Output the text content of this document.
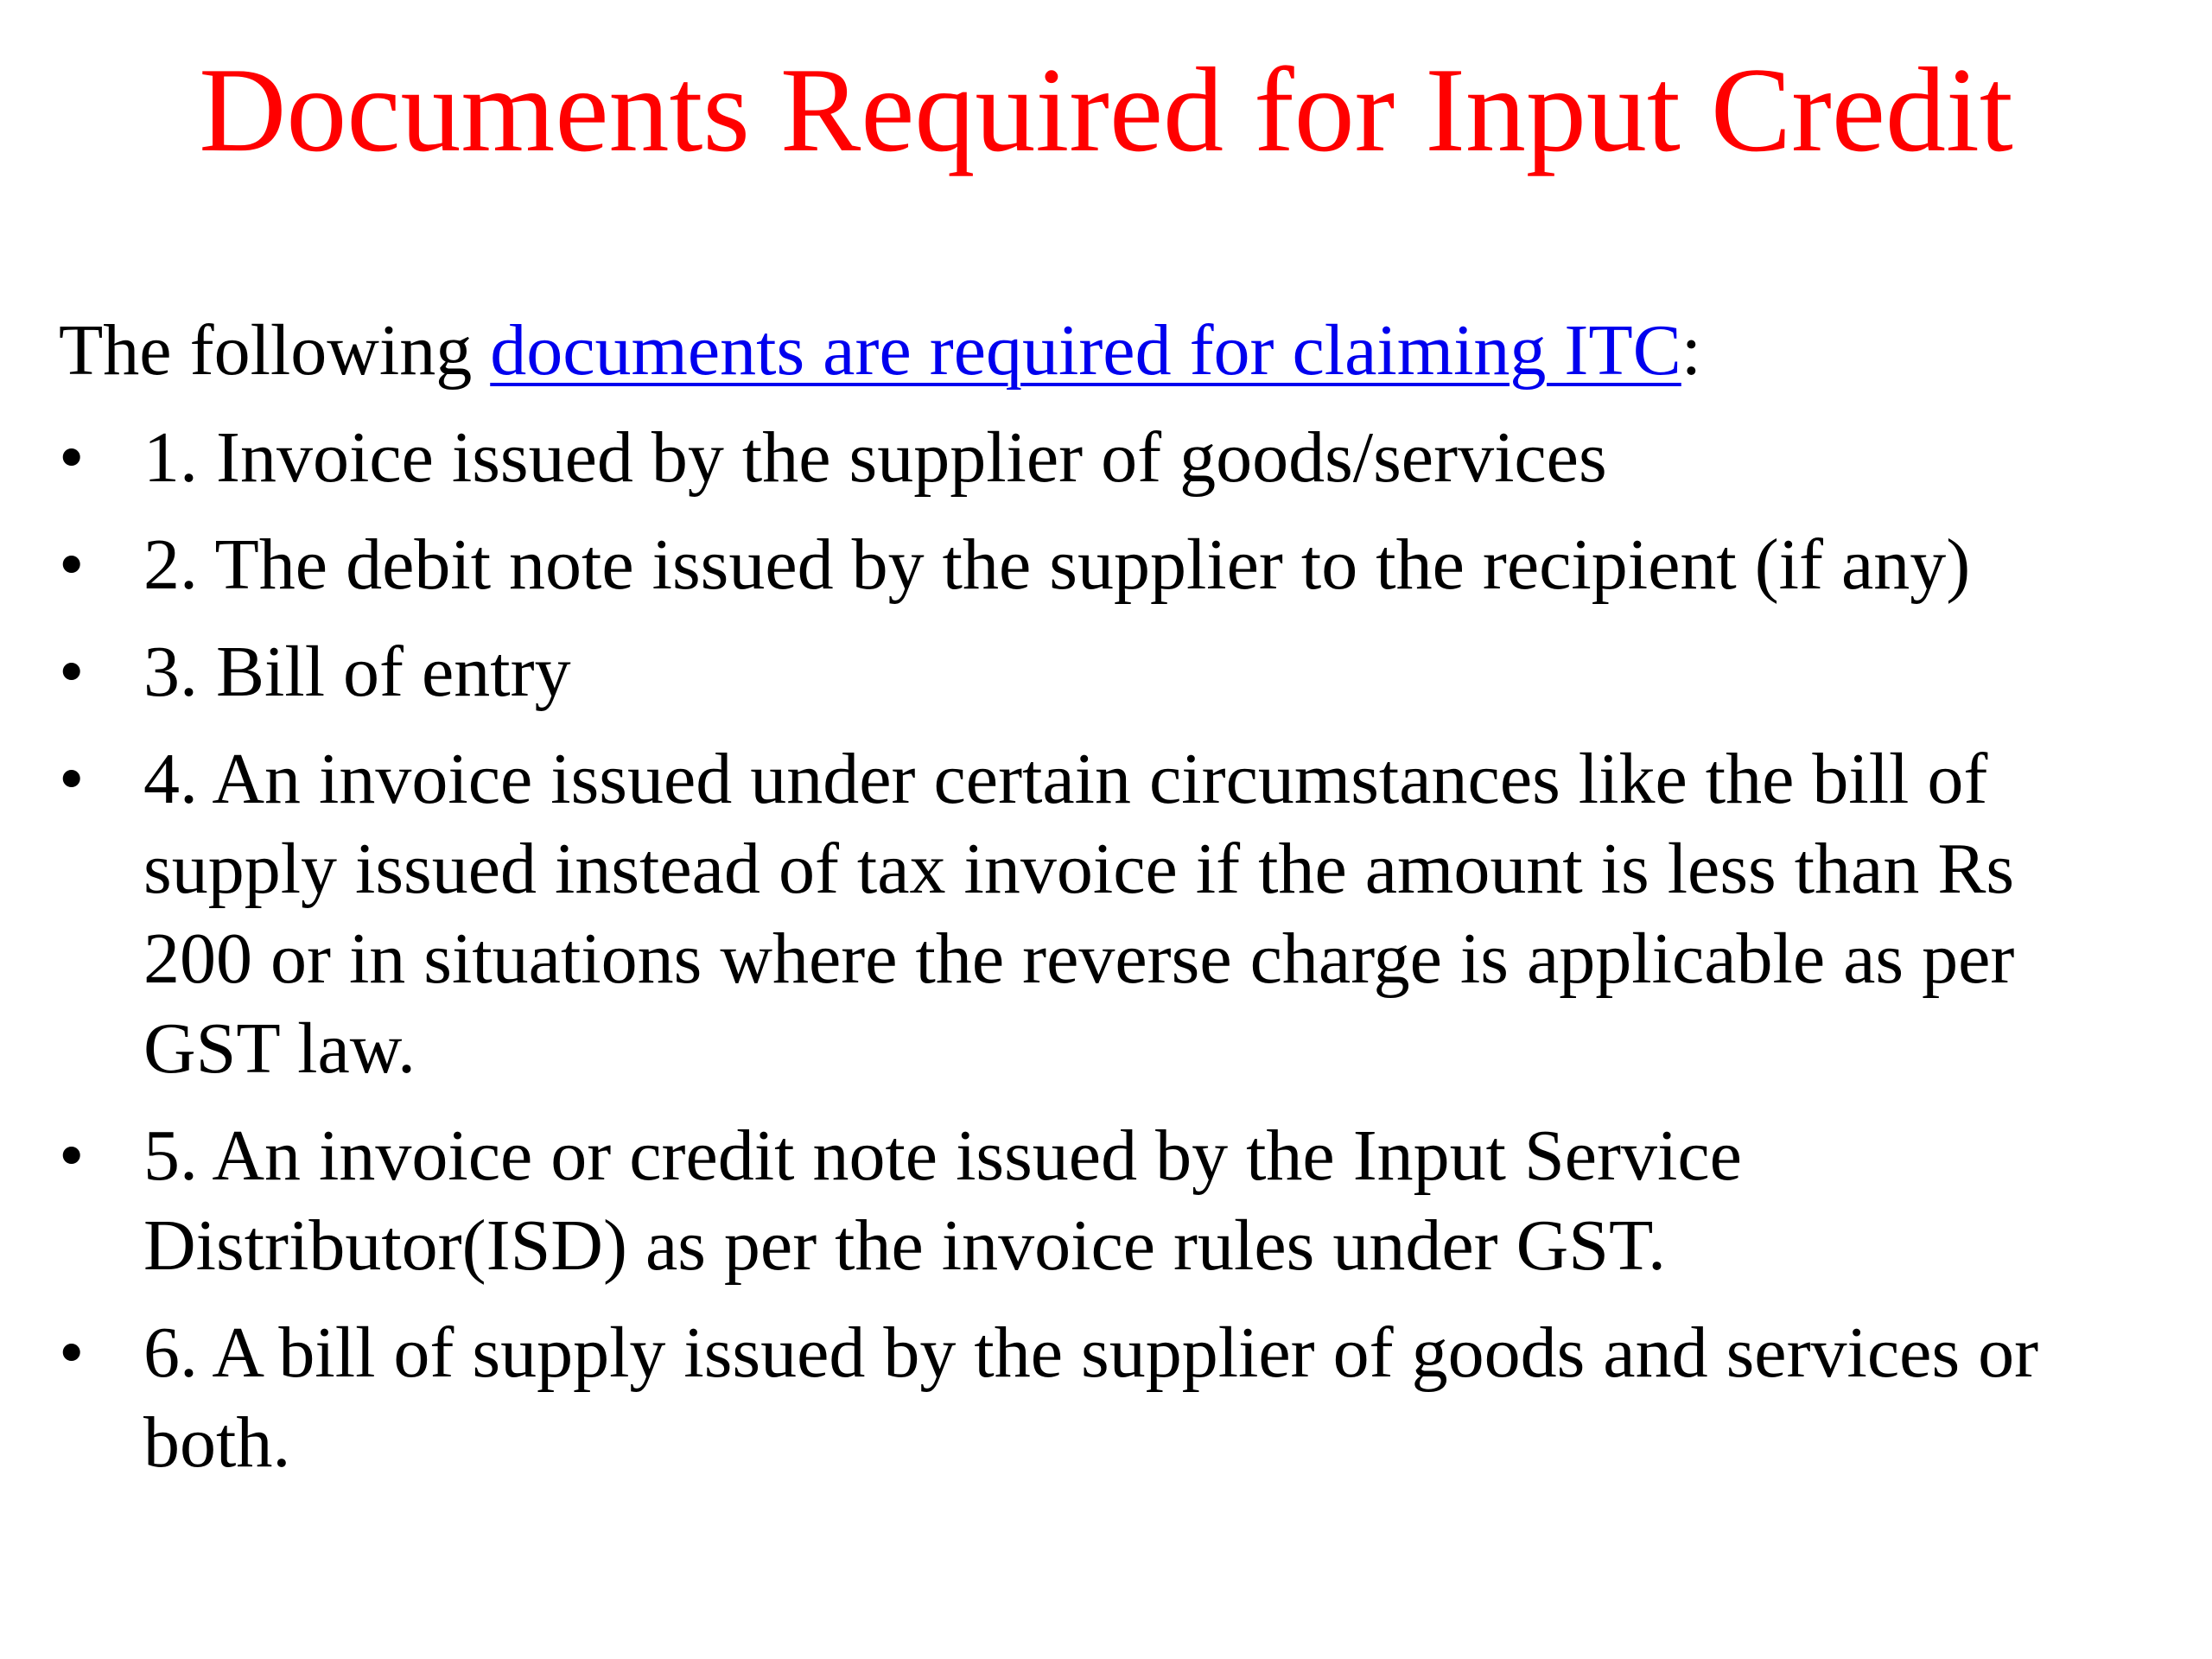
Documents Required for Input Credit
The following documents are required for claiming ITC:
• 1. Invoice issued by the supplier of goods/services
• 2. The debit note issued by the supplier to the recipient (if any)
• 3. Bill of entry
• 4. An invoice issued under certain circumstances like the bill of supply issued instead of tax invoice if the amount is less than Rs 200 or in situations where the reverse charge is applicable as per GST law.
• 5. An invoice or credit note issued by the Input Service Distributor(ISD) as per the invoice rules under GST.
• 6. A bill of supply issued by the supplier of goods and services or both.
